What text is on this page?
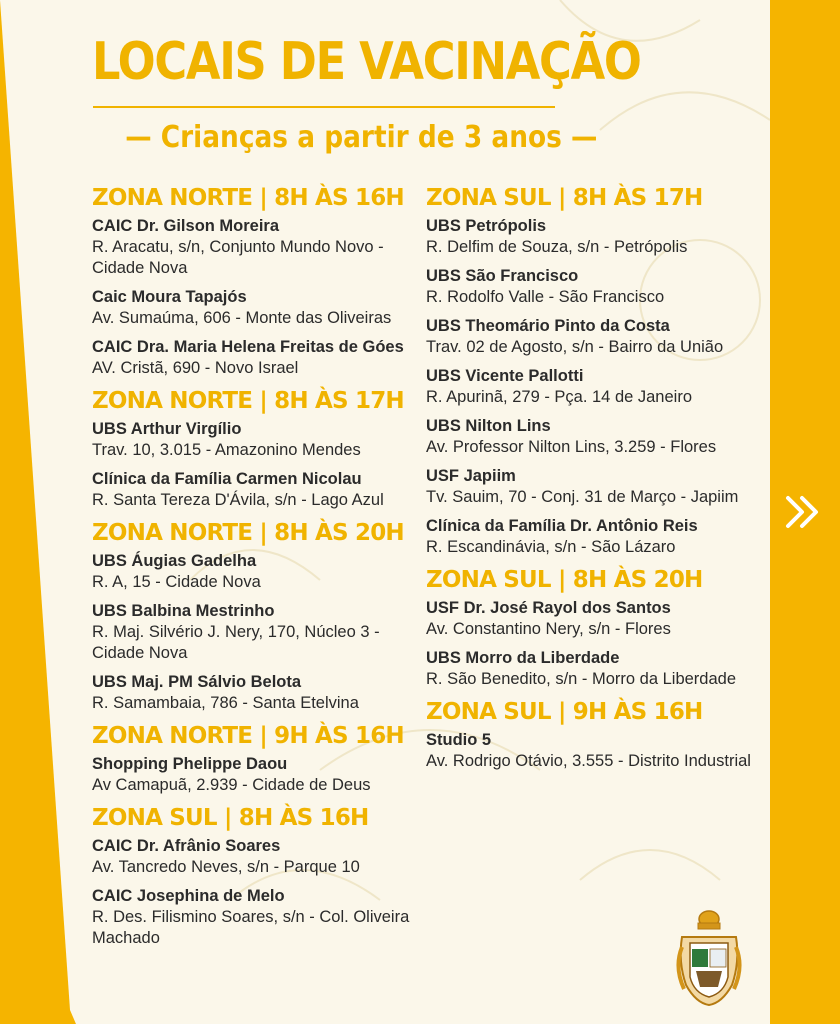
LOCAIS DE VACINAÇÃO
— Crianças a partir de 3 anos —
ZONA NORTE | 8H ÀS 16H
CAIC Dr. Gilson Moreira
R. Aracatu, s/n, Conjunto Mundo Novo - Cidade Nova
Caic Moura Tapajós
Av. Sumaúma, 606 - Monte das Oliveiras
CAIC Dra. Maria Helena Freitas de Góes
AV. Cristã, 690 - Novo Israel
ZONA NORTE | 8H ÀS 17H
UBS Arthur Virgílio
Trav. 10, 3.015 - Amazonino Mendes
Clínica da Família Carmen Nicolau
R. Santa Tereza D'Ávila, s/n - Lago Azul
ZONA NORTE | 8H ÀS 20H
UBS Áugias Gadelha
R. A, 15 - Cidade Nova
UBS Balbina Mestrinho
R. Maj. Silvério J. Nery, 170, Núcleo 3 - Cidade Nova
UBS Maj. PM Sálvio Belota
R. Samambaia, 786 - Santa Etelvina
ZONA NORTE | 9H ÀS 16H
Shopping Phelippe Daou
Av Camapuã, 2.939 - Cidade de Deus
ZONA SUL | 8H ÀS 16H
CAIC Dr. Afrânio Soares
Av. Tancredo Neves, s/n - Parque 10
CAIC Josephina de Melo
R. Des. Filismino Soares, s/n - Col. Oliveira Machado
ZONA SUL | 8H ÀS 17H
UBS Petrópolis
R. Delfim de Souza, s/n - Petrópolis
UBS São Francisco
R. Rodolfo Valle - São Francisco
UBS Theomário Pinto da Costa
Trav. 02 de Agosto, s/n - Bairro da União
UBS Vicente Pallotti
R. Apurinã, 279 - Pça. 14 de Janeiro
UBS Nilton Lins
Av. Professor Nilton Lins, 3.259 - Flores
USF Japiim
Tv. Sauim, 70 - Conj. 31 de Março - Japiim
Clínica da Família Dr. Antônio Reis
R. Escandinávia, s/n - São Lázaro
ZONA SUL | 8H ÀS 20H
USF Dr. José Rayol dos Santos
Av. Constantino Nery, s/n - Flores
UBS Morro da Liberdade
R. São Benedito, s/n - Morro da Liberdade
ZONA SUL | 9H ÀS 16H
Studio 5
Av. Rodrigo Otávio, 3.555 - Distrito Industrial
